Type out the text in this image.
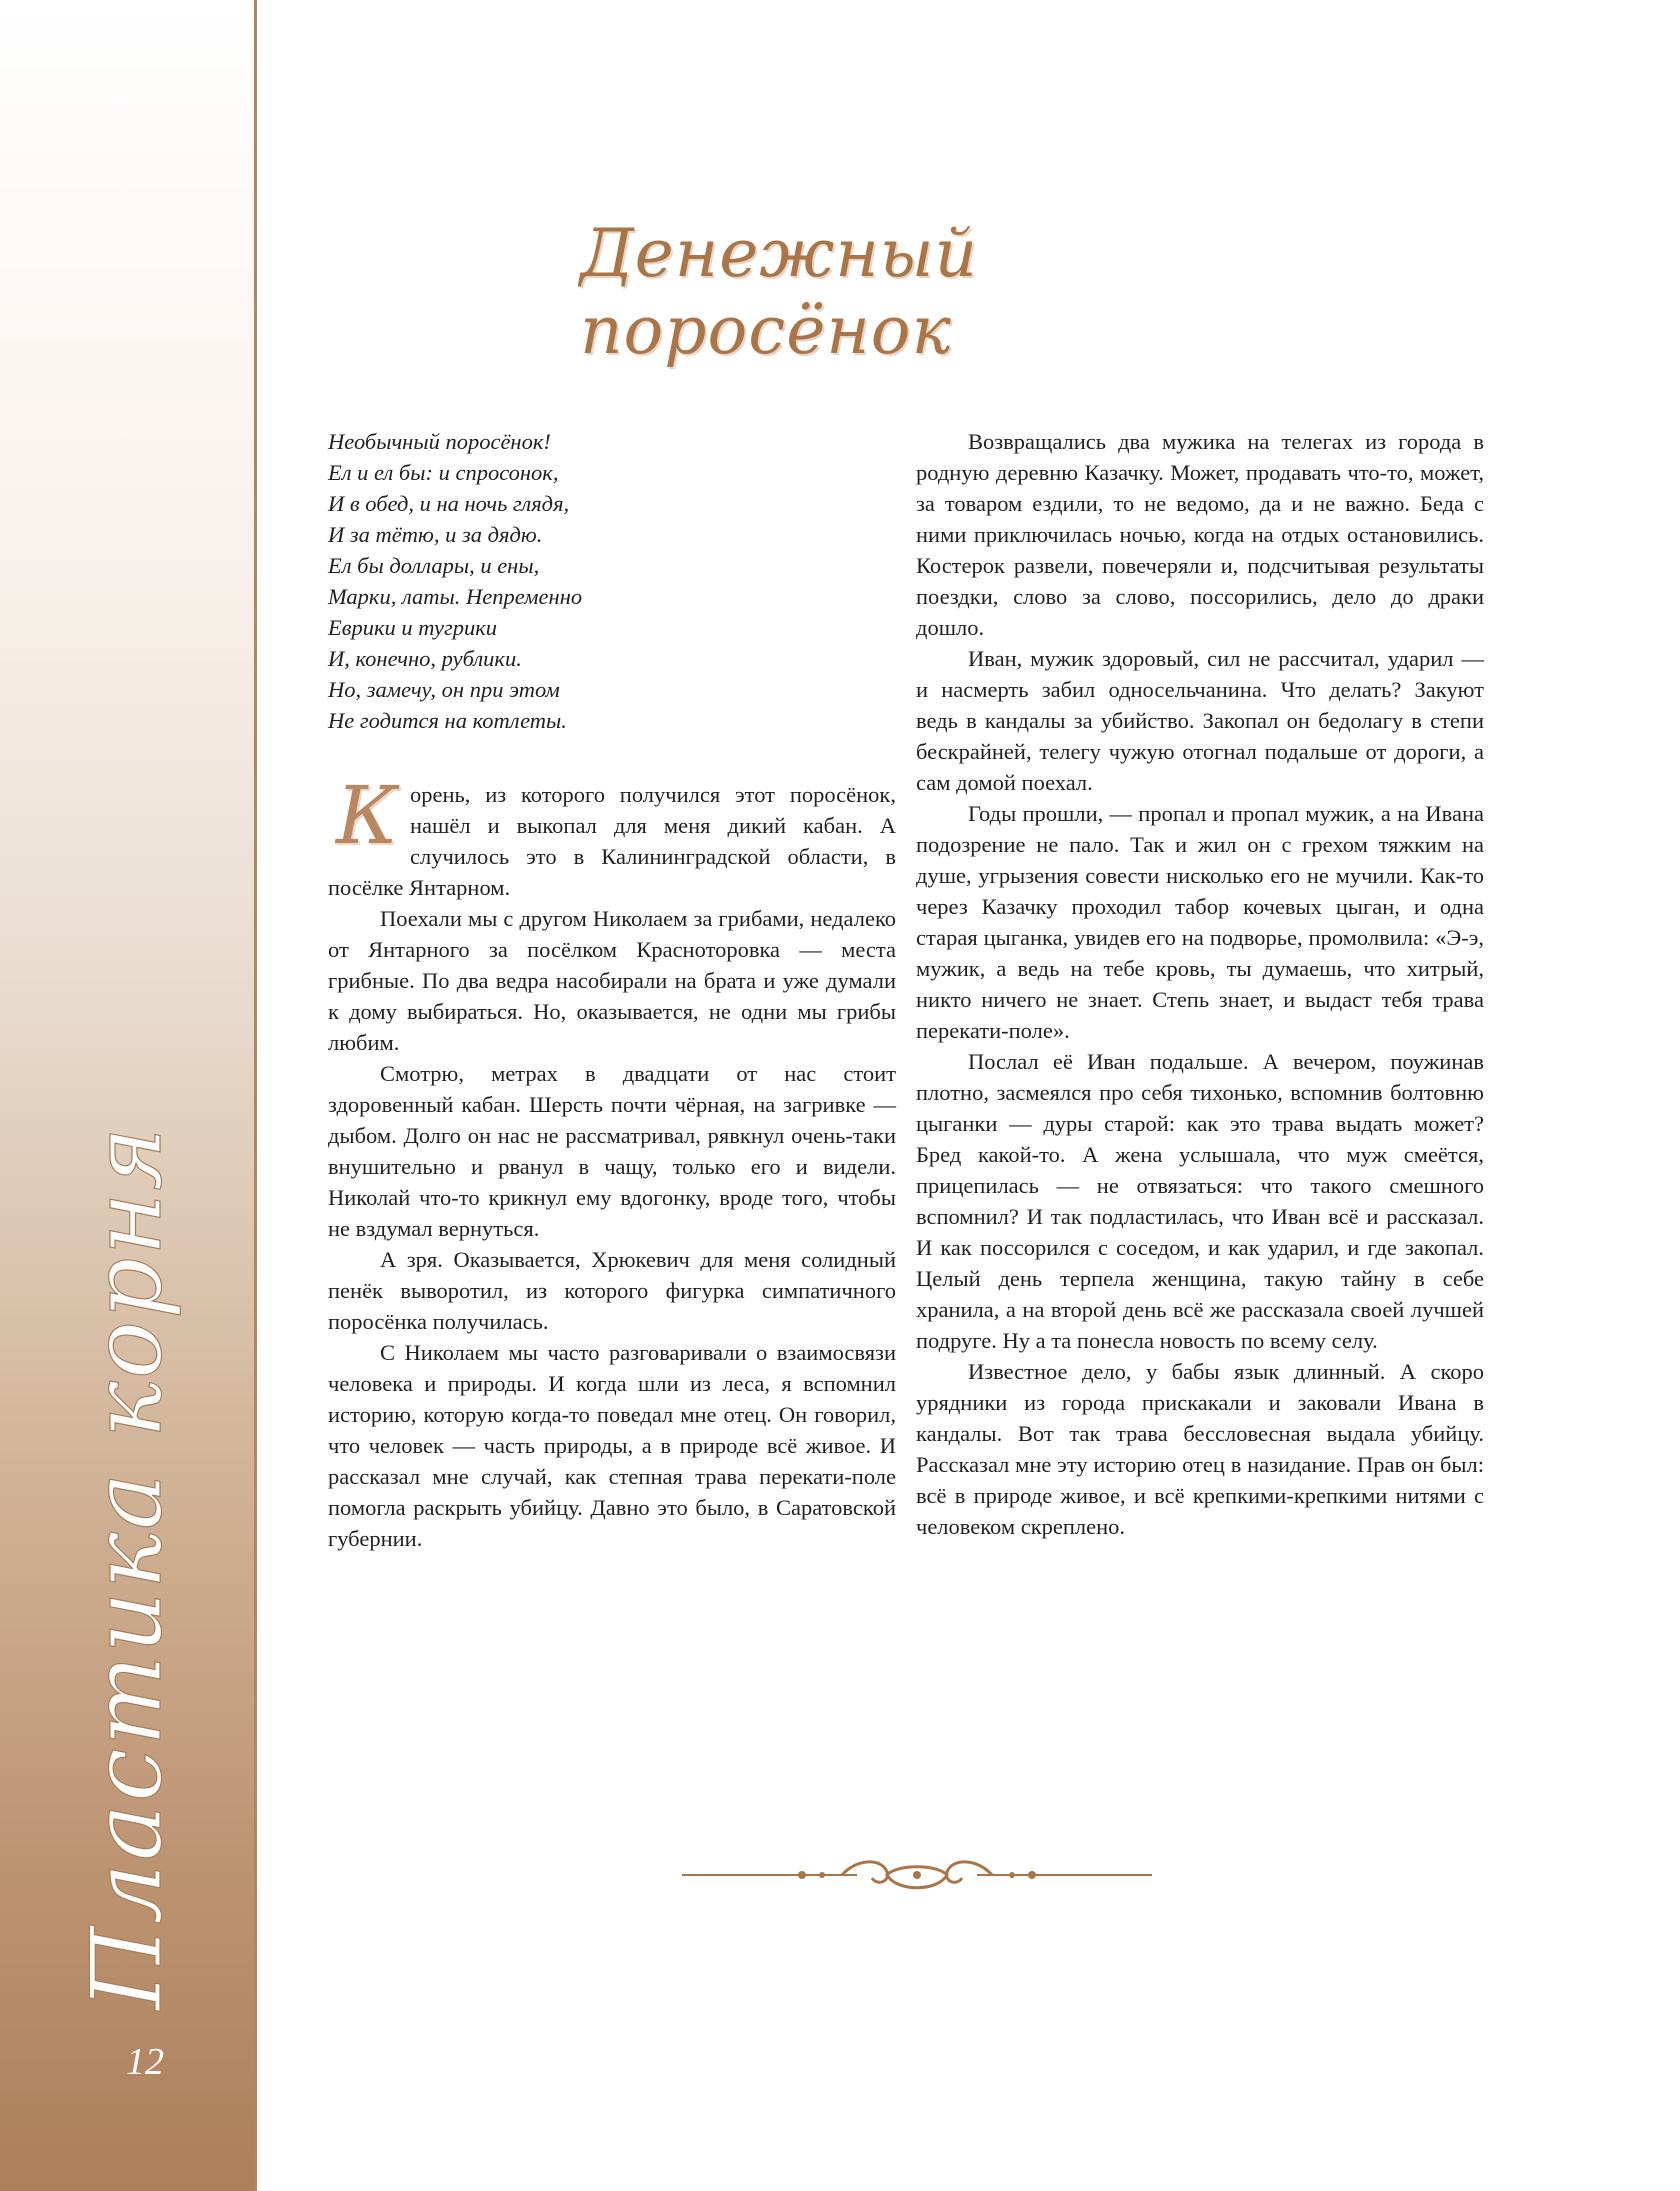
Пластика корня
12
Денежный поросёнок

Необычный поросёнок!

Ел и ел бы: и спросонок,

И в обед, и на ночь глядя,

И за тётю, и за дядю.

Ел бы доллары, и ены,

Марки, латы. Непременно

Еврики и тугрики

И, конечно, рублики.

Но, замечу, он при этом

Не годится на котлеты.

Корень, из которого получился этот поросёнок, нашёл и выкопал для меня дикий кабан. А случилось это в Калининградской области, в посёлке Янтарном.

Поехали мы с другом Николаем за грибами, недалеко от Янтарного за посёлком Красноторовка — места грибные. По два ведра насобирали на брата и уже думали к дому выбираться. Но, оказывается, не одни мы грибы любим.

Смотрю, метрах в двадцати от нас стоит здоровенный кабан. Шерсть почти чёрная, на загривке — дыбом. Долго он нас не рассматривал, рявкнул очень-таки внушительно и рванул в чащу, только его и видели. Николай что-то крикнул ему вдогонку, вроде того, чтобы не вздумал вернуться.

А зря. Оказывается, Хрюкевич для меня солидный пенёк выворотил, из которого фигурка симпатичного поросёнка получилась.

С Николаем мы часто разговаривали о взаимосвязи человека и природы. И когда шли из леса, я вспомнил историю, которую когда-то поведал мне отец. Он говорил, что человек — часть природы, а в природе всё живое. И рассказал мне случай, как степная трава перекати-поле помогла раскрыть убийцу. Давно это было, в Саратовской губернии.

Возвращались два мужика на телегах из города в родную деревню Казачку. Может, продавать что-то, может, за товаром ездили, то не ведомо, да и не важно. Беда с ними приключилась ночью, когда на отдых остановились. Костерок развели, повечеряли и, подсчитывая результаты поездки, слово за слово, поссорились, дело до драки дошло.

Иван, мужик здоровый, сил не рассчитал, ударил — и насмерть забил односельчанина. Что делать? Закуют ведь в кандалы за убийство. Закопал он бедолагу в степи бескрайней, телегу чужую отогнал подальше от дороги, а сам домой поехал.

Годы прошли, — пропал и пропал мужик, а на Ивана подозрение не пало. Так и жил он с грехом тяжким на душе, угрызения совести нисколько его не мучили. Как-то через Казачку проходил табор кочевых цыган, и одна старая цыганка, увидев его на подворье, промолвила: «Э-э, мужик, а ведь на тебе кровь, ты думаешь, что хитрый, никто ничего не знает. Степь знает, и выдаст тебя трава перекати-поле».

Послал её Иван подальше. А вечером, поужинав плотно, засмеялся про себя тихонько, вспомнив болтовню цыганки — дуры старой: как это трава выдать может? Бред какой-то. А жена услышала, что муж смеётся, прицепилась — не отвязаться: что такого смешного вспомнил? И так подластилась, что Иван всё и рассказал. И как поссорился с соседом, и как ударил, и где закопал. Целый день терпела женщина, такую тайну в себе хранила, а на второй день всё же рассказала своей лучшей подруге. Ну а та понесла новость по всему селу.

Известное дело, у бабы язык длинный. А скоро урядники из города прискакали и заковали Ивана в кандалы. Вот так трава бессловесная выдала убийцу. Рассказал мне эту историю отец в назидание. Прав он был: всё в природе живое, и всё крепкими-крепкими нитями с человеком скреплено.
